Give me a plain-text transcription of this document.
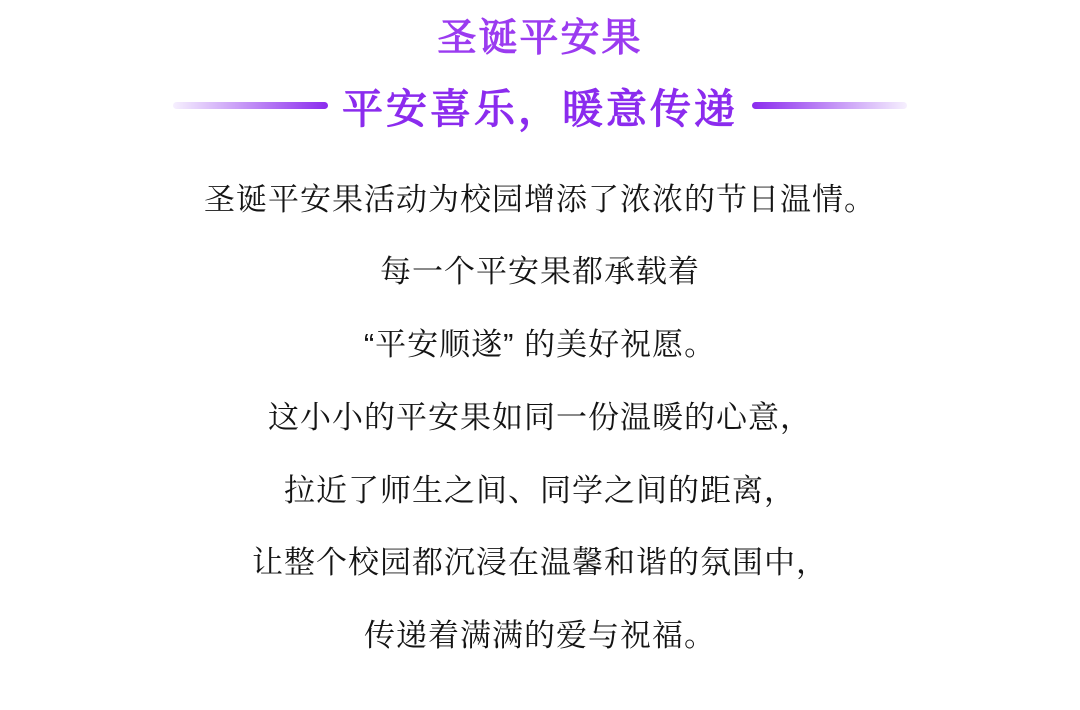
圣诞平安果
平安喜乐，暖意传递

圣诞平安果活动为校园增添了浓浓的节日温情。

每一个平安果都承载着

“平安顺遂” 的美好祝愿。

这小小的平安果如同一份温暖的心意，

拉近了师生之间、同学之间的距离，

让整个校园都沉浸在温馨和谐的氛围中，

传递着满满的爱与祝福。
